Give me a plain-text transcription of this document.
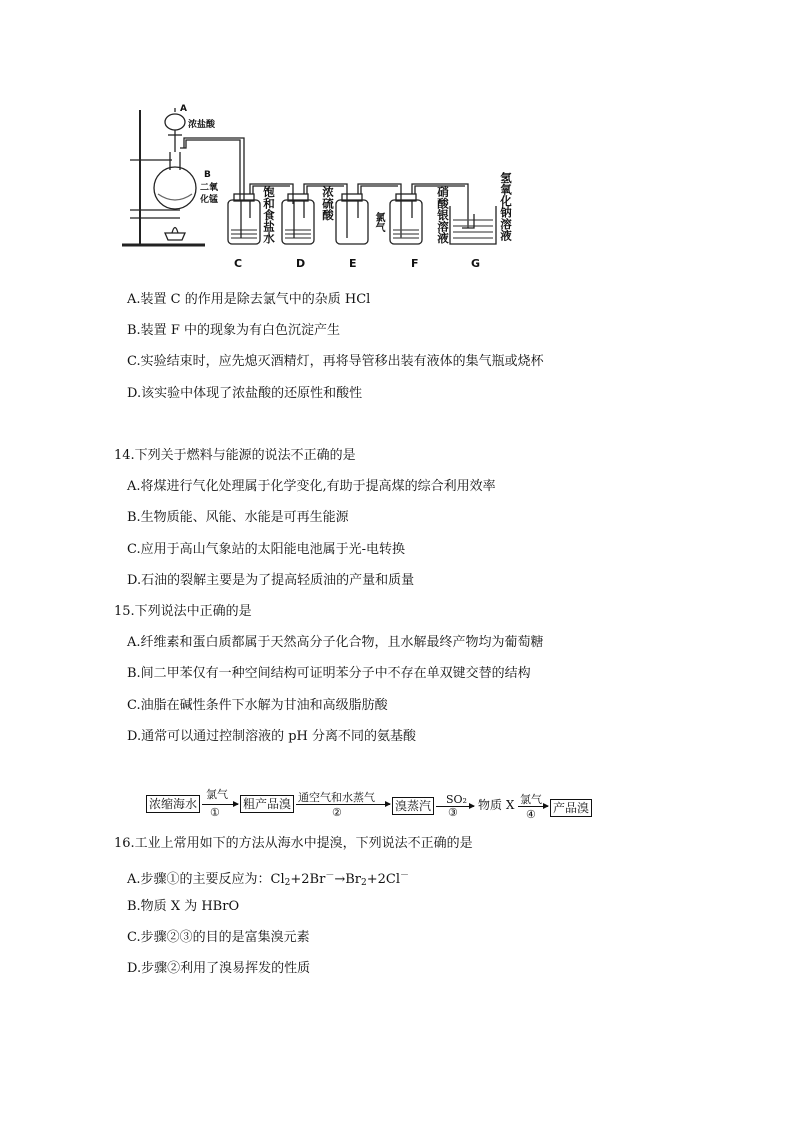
A
浓盐酸
B
二氧化锰	饱和食盐水	浓硫酸
氯气	硝酸银溶液	氢氧化钠溶液
C	D	E	F	G
A.装置 C 的作用是除去氯气中的杂质 HCl
B.装置 F 中的现象为有白色沉淀产生
C.实验结束时，应先熄灭酒精灯，再将导管移出装有液体的集气瓶或烧杯
D.该实验中体现了浓盐酸的还原性和酸性
14.下列关于燃料与能源的说法不正确的是
A.将煤进行气化处理属于化学变化,有助于提高煤的综合利用效率
B.生物质能、风能、水能是可再生能源
C.应用于高山气象站的太阳能电池属于光-电转换
D.石油的裂解主要是为了提高轻质油的产量和质量
15.下列说法中正确的是
A.纤维素和蛋白质都属于天然高分子化合物，且水解最终产物均为葡萄糖
B.间二甲苯仅有一种空间结构可证明苯分子中不存在单双键交替的结构
C.油脂在碱性条件下水解为甘油和高级脂肪酸
D.通常可以通过控制溶液的 pH 分离不同的氨基酸
浓缩海水
氯气
①
粗产品溴 通空气和水蒸气
②	溴蒸汽 SO₂
③
物质 X 氯气
④ 产品溴
16.工业上常用如下的方法从海水中提溴，下列说法不正确的是
A.步骤①的主要反应为：$Cl_2+2Br^-\to Br_2+2Cl^-$
B.物质 X 为 HBrO
C.步骤②③的目的是富集溴元素
D.步骤②利用了溴易挥发的性质
